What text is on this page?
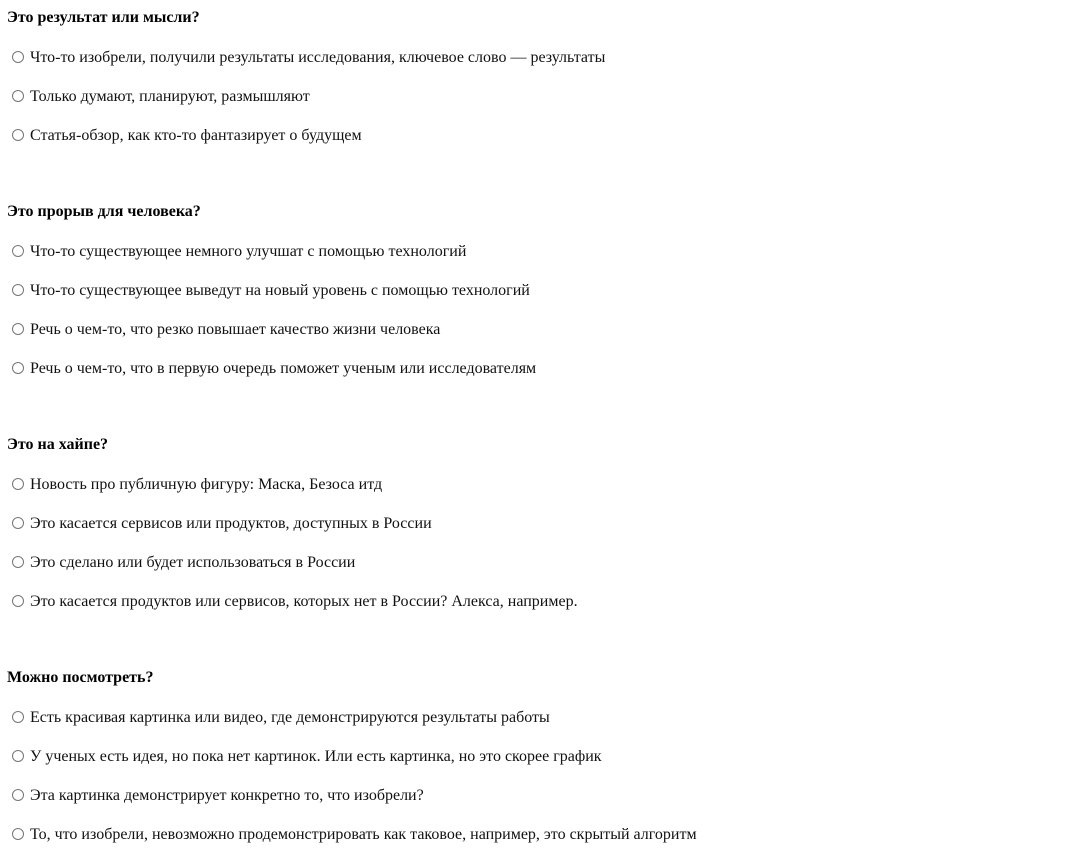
Это результат или мысли?

Что-то изобрели, получили результаты исследования, ключевое слово — результаты
Только думают, планируют, размышляют
Статья-обзор, как кто-то фантазирует о будущем

Это прорыв для человека?

Что-то существующее немного улучшат с помощью технологий
Что-то существующее выведут на новый уровень с помощью технологий
Речь о чем-то, что резко повышает качество жизни человека
Речь о чем-то, что в первую очередь поможет ученым или исследователям

Это на хайпе?

Новость про публичную фигуру: Маска, Безоса итд
Это касается сервисов или продуктов, доступных в России
Это сделано или будет использоваться в России
Это касается продуктов или сервисов, которых нет в России? Алекса, например.

Можно посмотреть?

Есть красивая картинка или видео, где демонстрируются результаты работы
У ученых есть идея, но пока нет картинок. Или есть картинка, но это скорее график
Эта картинка демонстрирует конкретно то, что изобрели?
То, что изобрели, невозможно продемонстрировать как таковое, например, это скрытый алгоритм
